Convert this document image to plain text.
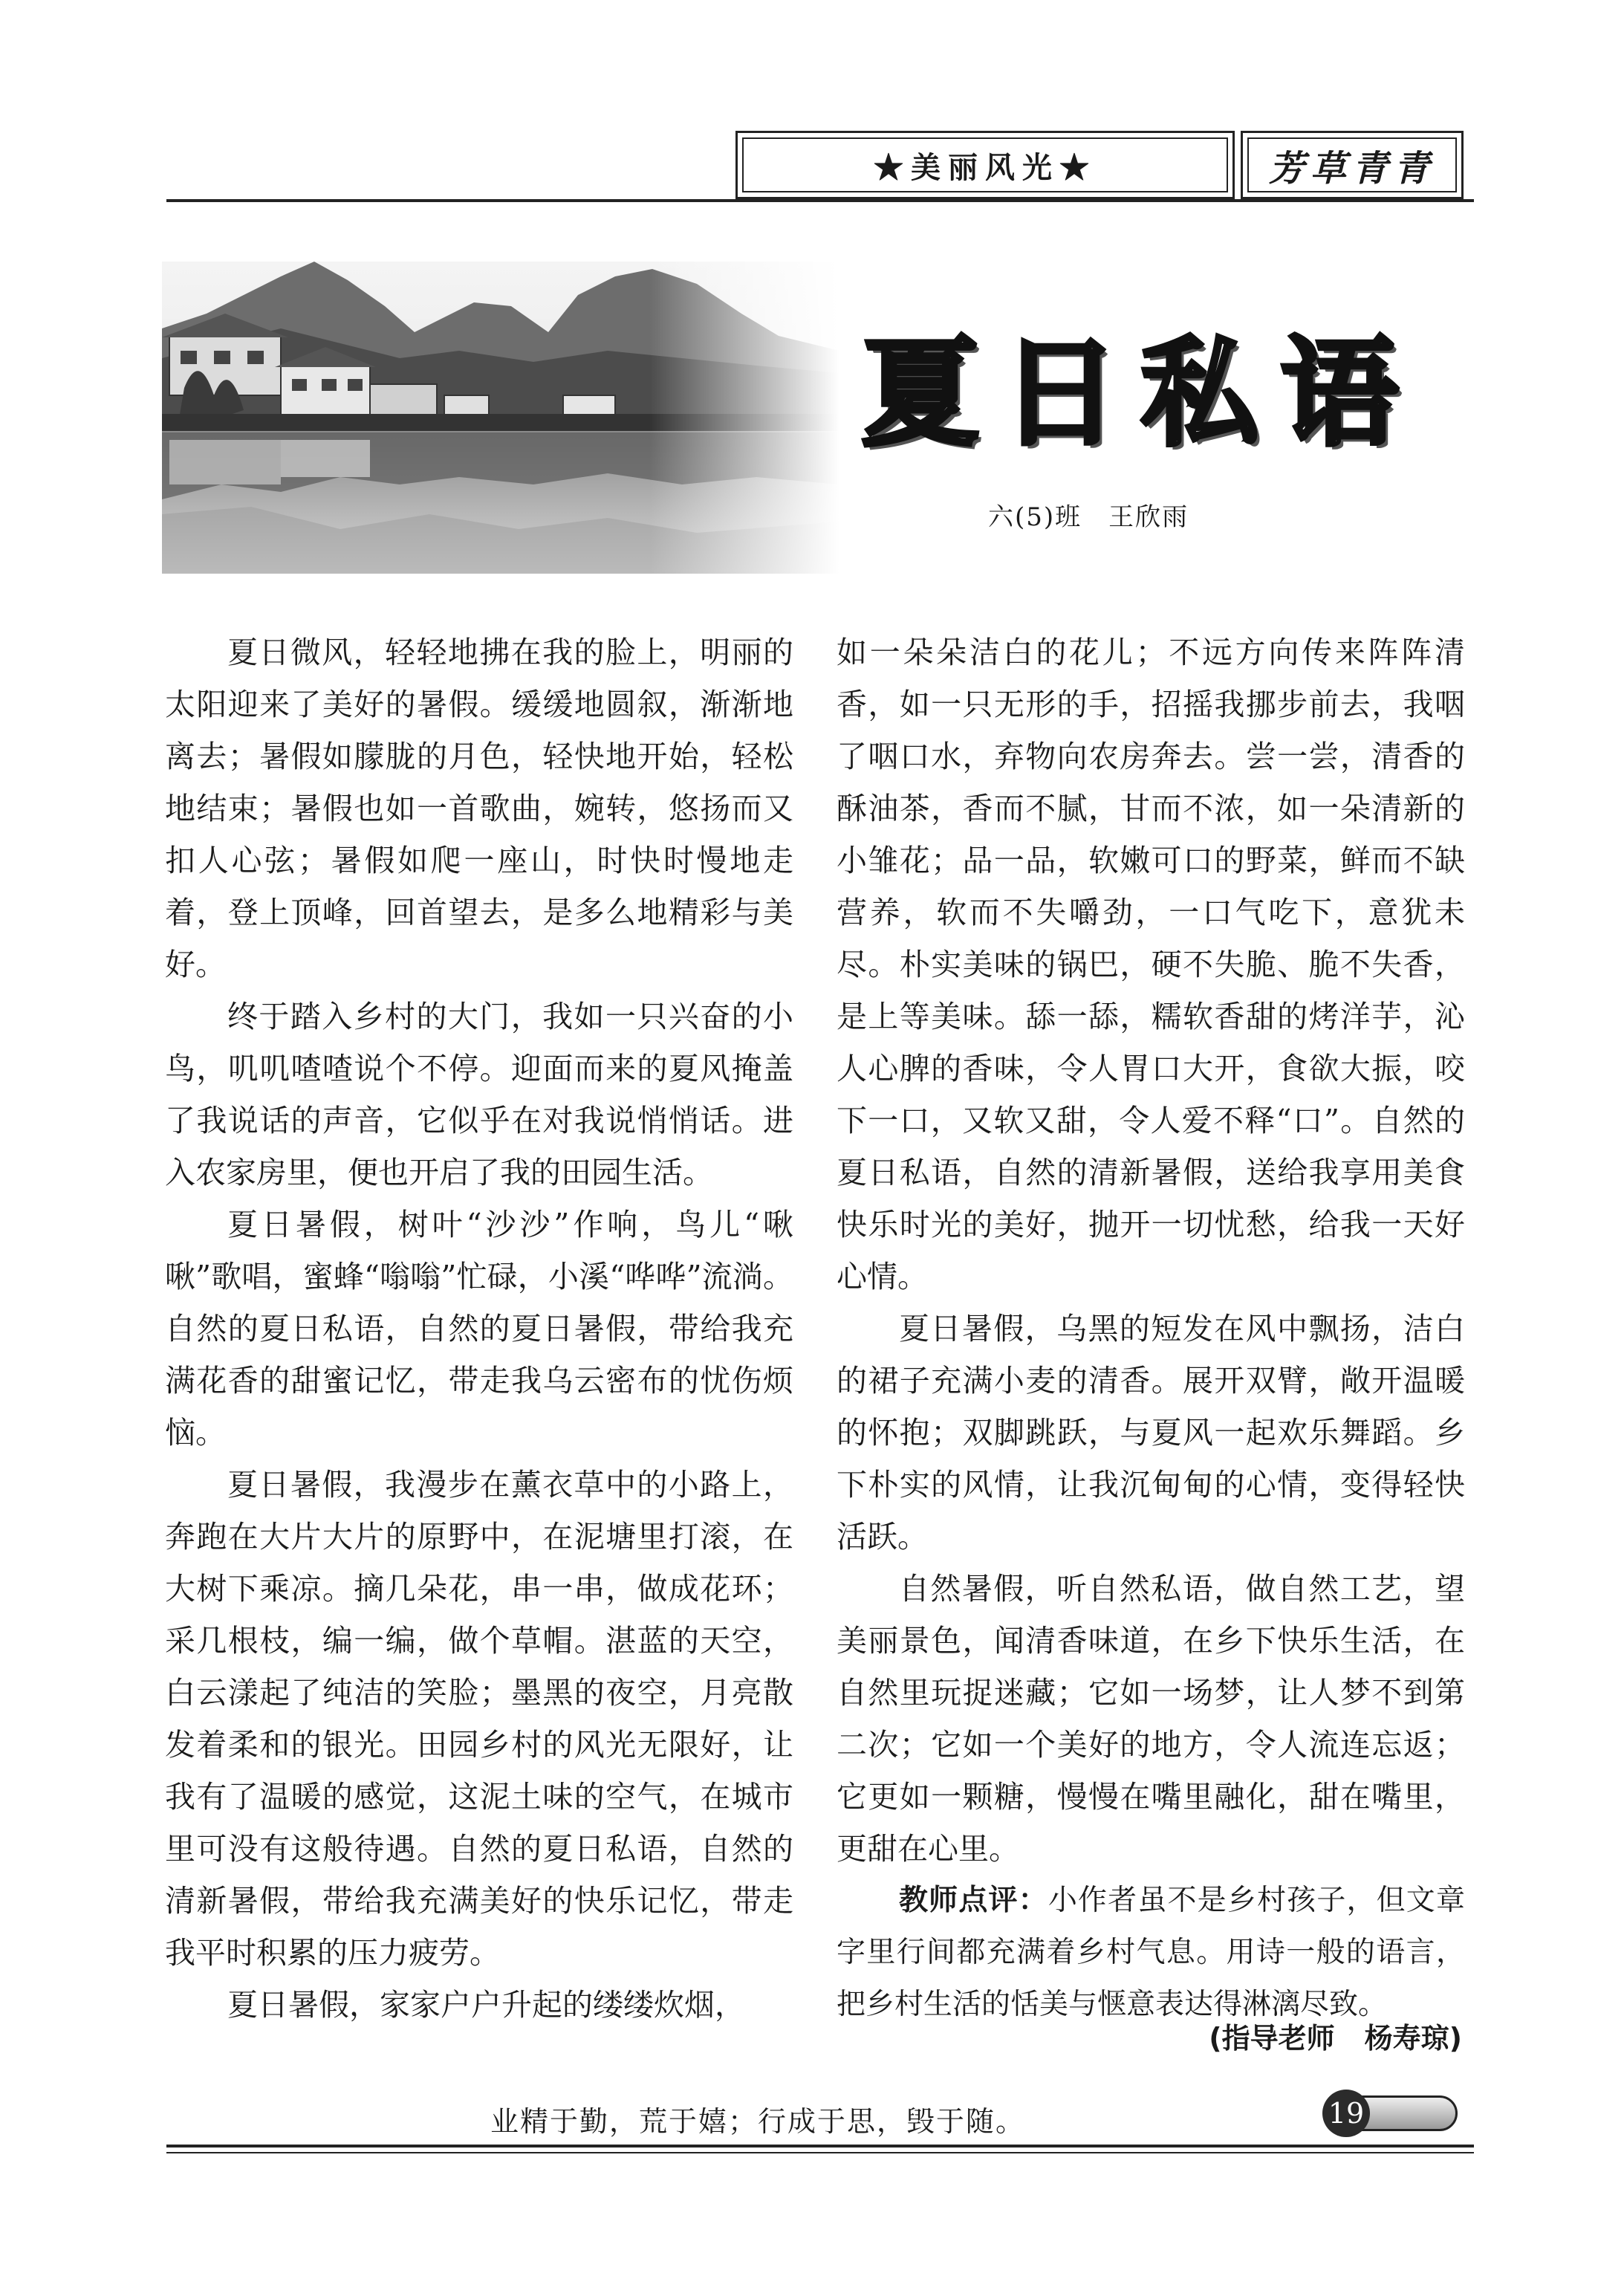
★美丽风光★	芳草青青
夏日私语
六(5)班 王欣雨

夏日微风，轻轻地拂在我的脸上，明丽的太阳迎来了美好的暑假。缓缓地圆叙，渐渐地离去；暑假如朦胧的月色，轻快地开始，轻松地结束；暑假也如一首歌曲，婉转，悠扬而又扣人心弦；暑假如爬一座山，时快时慢地走着，登上顶峰，回首望去，是多么地精彩与美好。

终于踏入乡村的大门，我如一只兴奋的小鸟，叽叽喳喳说个不停。迎面而来的夏风掩盖了我说话的声音，它似乎在对我说悄悄话。进入农家房里，便也开启了我的田园生活。

夏日暑假，树叶“沙沙”作响，鸟儿“啾啾”歌唱，蜜蜂“嗡嗡”忙碌，小溪“哗哗”流淌。自然的夏日私语，自然的夏日暑假，带给我充满花香的甜蜜记忆，带走我乌云密布的忧伤烦恼。

夏日暑假，我漫步在薰衣草中的小路上，奔跑在大片大片的原野中，在泥塘里打滚，在大树下乘凉。摘几朵花，串一串，做成花环；采几根枝，编一编，做个草帽。湛蓝的天空，白云漾起了纯洁的笑脸；墨黑的夜空，月亮散发着柔和的银光。田园乡村的风光无限好，让我有了温暖的感觉，这泥土味的空气，在城市里可没有这般待遇。自然的夏日私语，自然的清新暑假，带给我充满美好的快乐记忆，带走我平时积累的压力疲劳。

夏日暑假，家家户户升起的缕缕炊烟，

如一朵朵洁白的花儿；不远方向传来阵阵清香，如一只无形的手，招摇我挪步前去，我咽了咽口水，弃物向农房奔去。尝一尝，清香的酥油茶，香而不腻，甘而不浓，如一朵清新的小雏花；品一品，软嫩可口的野菜，鲜而不缺营养，软而不失嚼劲，一口气吃下，意犹未尽。朴实美味的锅巴，硬不失脆、脆不失香，是上等美味。舔一舔，糯软香甜的烤洋芋，沁人心脾的香味，令人胃口大开，食欲大振，咬下一口，又软又甜，令人爱不释“口”。自然的夏日私语，自然的清新暑假，送给我享用美食快乐时光的美好，抛开一切忧愁，给我一天好心情。

夏日暑假，乌黑的短发在风中飘扬，洁白的裙子充满小麦的清香。展开双臂，敞开温暖的怀抱；双脚跳跃，与夏风一起欢乐舞蹈。乡下朴实的风情，让我沉甸甸的心情，变得轻快活跃。

自然暑假，听自然私语，做自然工艺，望美丽景色，闻清香味道，在乡下快乐生活，在自然里玩捉迷藏；它如一场梦，让人梦不到第二次；它如一个美好的地方，令人流连忘返；它更如一颗糖，慢慢在嘴里融化，甜在嘴里，更甜在心里。

教师点评：小作者虽不是乡村孩子，但文章字里行间都充满着乡村气息。用诗一般的语言，把乡村生活的恬美与惬意表达得淋漓尽致。

(指导老师 杨寿琼)
业精于勤，荒于嬉；行成于思，毁于随。	19
